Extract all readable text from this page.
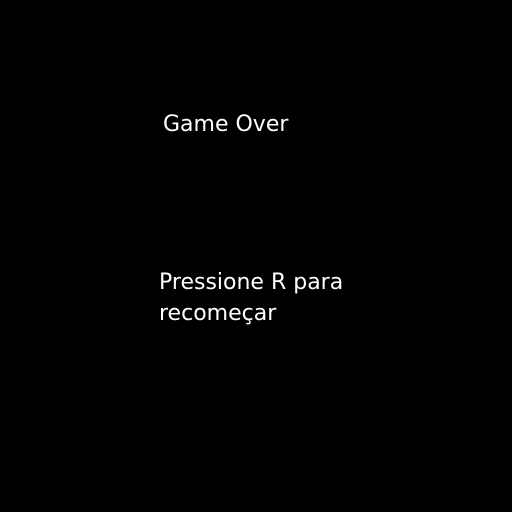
Game Over
Pressione R para recomeçar
